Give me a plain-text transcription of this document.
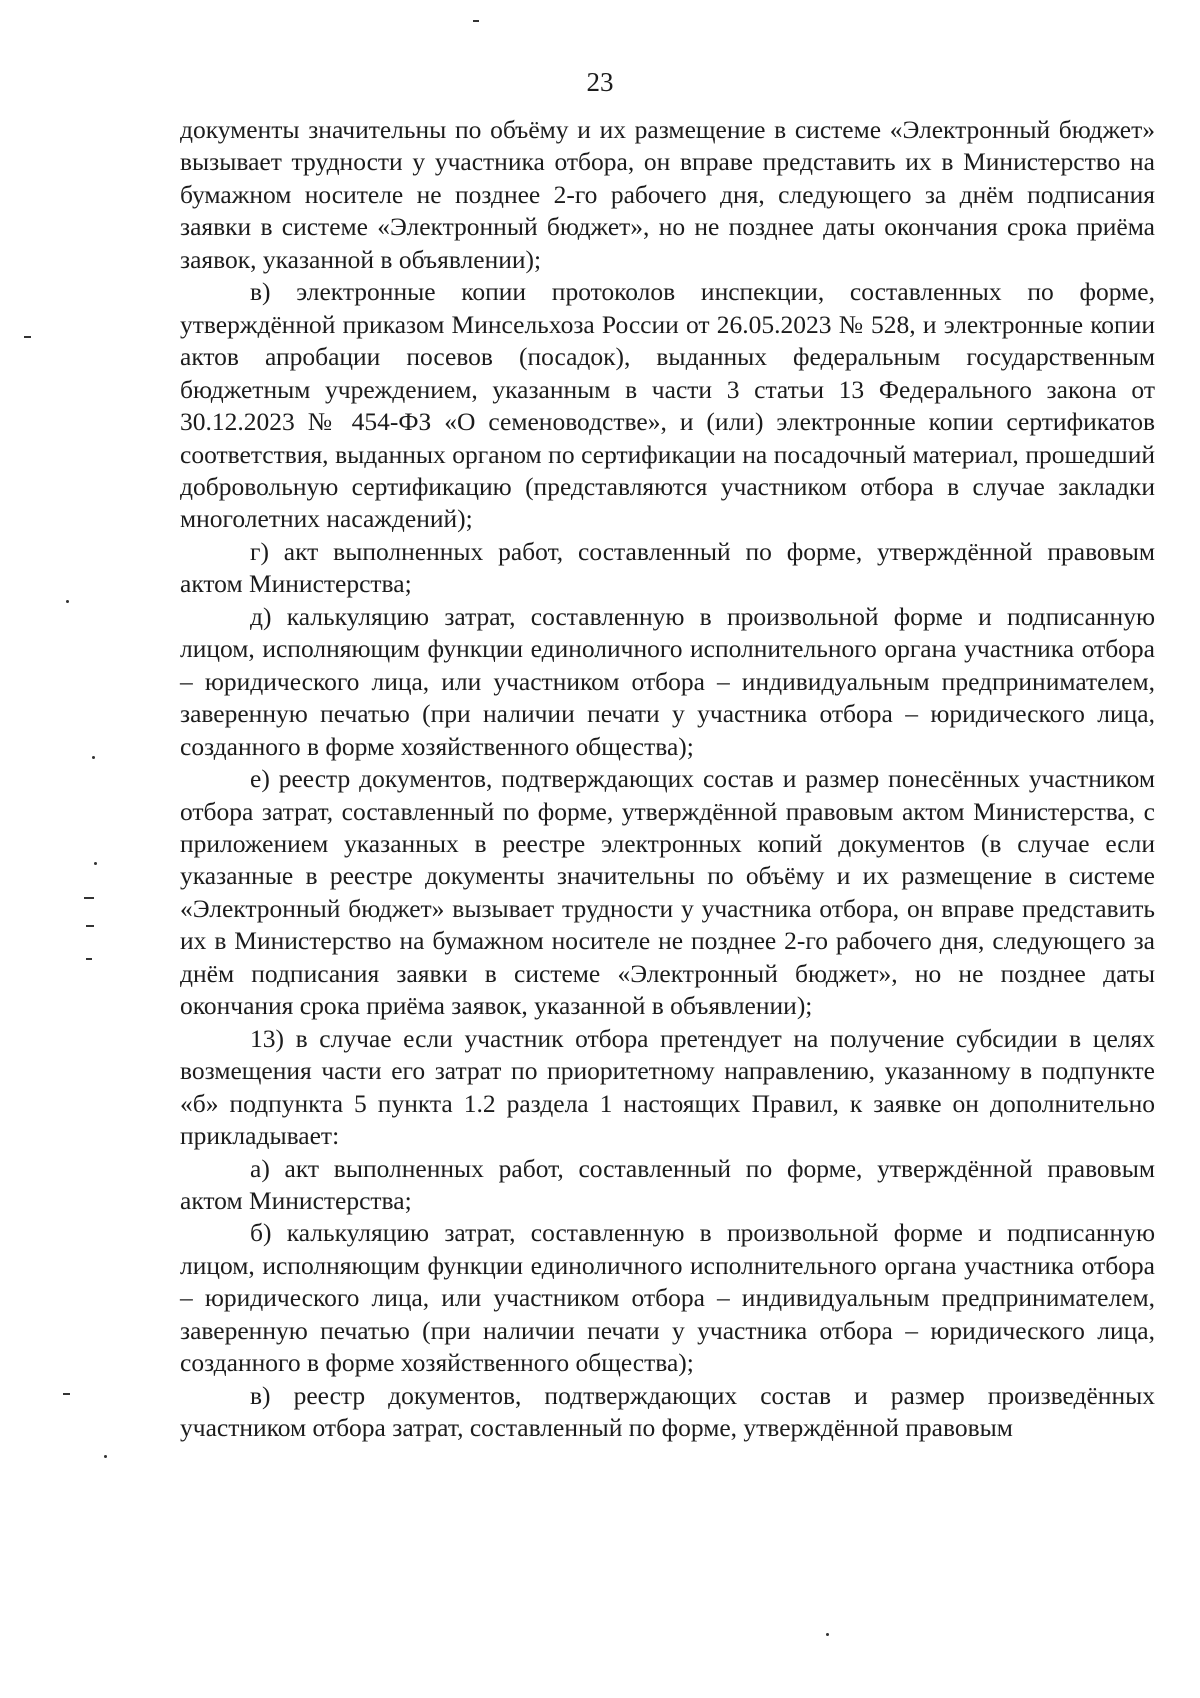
23

документы значительны по объёму и их размещение в системе «Электронный бюджет» вызывает трудности у участника отбора, он вправе представить их в Министерство на бумажном носителе не позднее 2-го рабочего дня, следующего за днём подписания заявки в системе «Электронный бюджет», но не позднее даты окончания срока приёма заявок, указанной в объявлении);

в) электронные копии протоколов инспекции, составленных по форме, утверждённой приказом Минсельхоза России от 26.05.2023 № 528, и электронные копии актов апробации посевов (посадок), выданных федеральным государственным бюджетным учреждением, указанным в части 3 статьи 13 Федерального закона от 30.12.2023 № 454-ФЗ «О семеноводстве», и (или) электронные копии сертификатов соответствия, выданных органом по сертификации на посадочный материал, прошедший добровольную сертификацию (представляются участником отбора в случае закладки многолетних насаждений);

г) акт выполненных работ, составленный по форме, утверждённой правовым актом Министерства;

д) калькуляцию затрат, составленную в произвольной форме и подписанную лицом, исполняющим функции единоличного исполнительного органа участника отбора – юридического лица, или участником отбора – индивидуальным предпринимателем, заверенную печатью (при наличии печати у участника отбора – юридического лица, созданного в форме хозяйственного общества);

е) реестр документов, подтверждающих состав и размер понесённых участником отбора затрат, составленный по форме, утверждённой правовым актом Министерства, с приложением указанных в реестре электронных копий документов (в случае если указанные в реестре документы значительны по объёму и их размещение в системе «Электронный бюджет» вызывает трудности у участника отбора, он вправе представить их в Министерство на бумажном носителе не позднее 2-го рабочего дня, следующего за днём подписания заявки в системе «Электронный бюджет», но не позднее даты окончания срока приёма заявок, указанной в объявлении);

13) в случае если участник отбора претендует на получение субсидии в целях возмещения части его затрат по приоритетному направлению, указанному в подпункте «б» подпункта 5 пункта 1.2 раздела 1 настоящих Правил, к заявке он дополнительно прикладывает:

а) акт выполненных работ, составленный по форме, утверждённой правовым актом Министерства;

б) калькуляцию затрат, составленную в произвольной форме и подписанную лицом, исполняющим функции единоличного исполнительного органа участника отбора – юридического лица, или участником отбора – индивидуальным предпринимателем, заверенную печатью (при наличии печати у участника отбора – юридического лица, созданного в форме хозяйственного общества);

в) реестр документов, подтверждающих состав и размер произведённых участником отбора затрат, составленный по форме, утверждённой правовым
